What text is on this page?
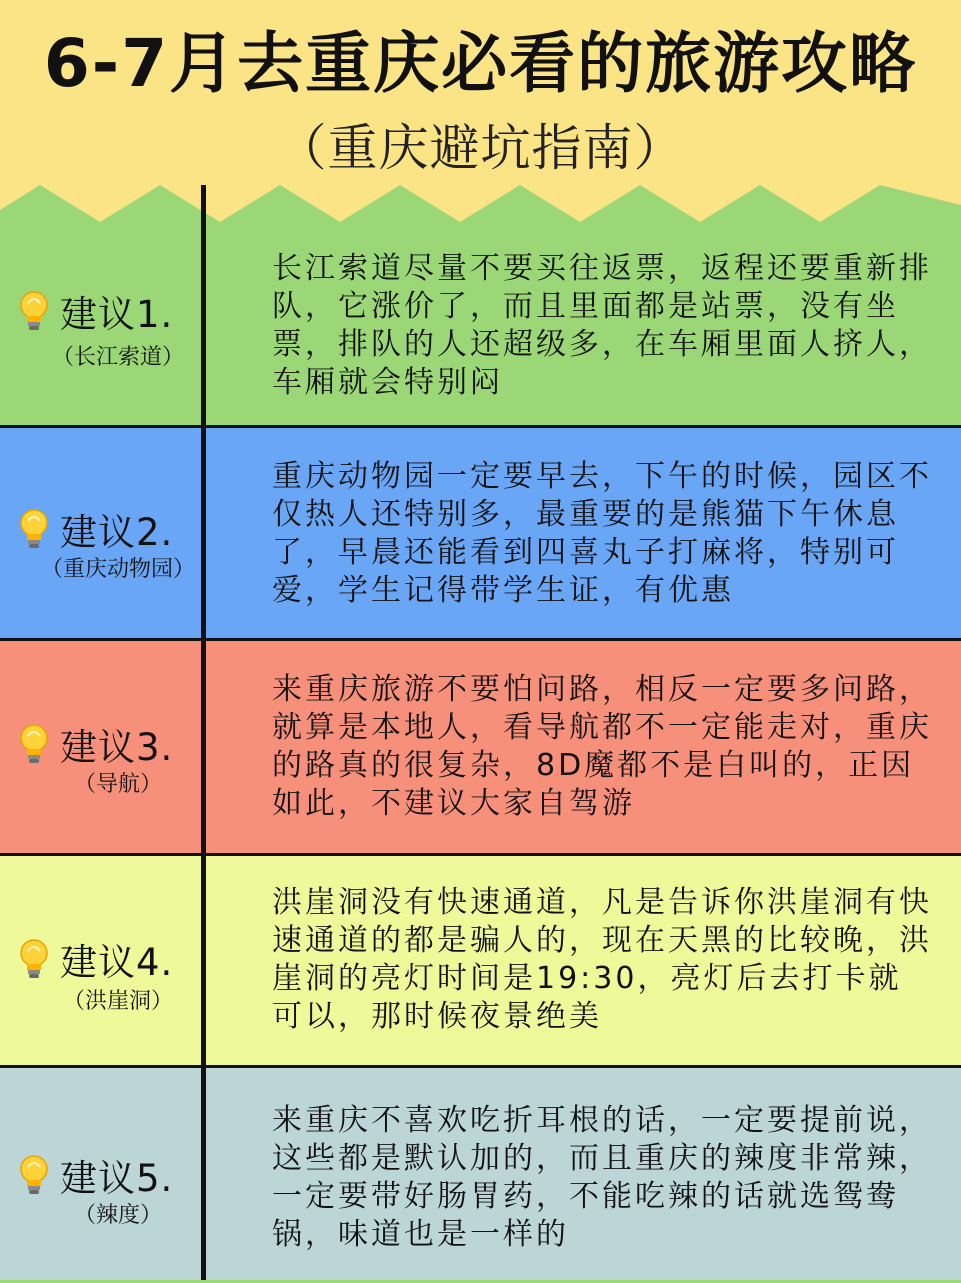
6-7月去重庆必看的旅游攻略
（重庆避坑指南）
建议1.
（长江索道）
长江索道尽量不要买往返票，返程还要重新排队，它涨价了，而且里面都是站票，没有坐票，排队的人还超级多，在车厢里面人挤人，车厢就会特别闷
建议2.
（重庆动物园）
重庆动物园一定要早去，下午的时候，园区不仅热人还特别多，最重要的是熊猫下午休息了，早晨还能看到四喜丸子打麻将，特别可爱，学生记得带学生证，有优惠
建议3.
（导航）
来重庆旅游不要怕问路，相反一定要多问路，就算是本地人，看导航都不一定能走对，重庆的路真的很复杂，8D魔都不是白叫的，正因如此，不建议大家自驾游
建议4.
（洪崖洞）
洪崖洞没有快速通道，凡是告诉你洪崖洞有快速通道的都是骗人的，现在天黑的比较晚，洪崖洞的亮灯时间是19:30，亮灯后去打卡就可以，那时候夜景绝美
建议5.
（辣度）
来重庆不喜欢吃折耳根的话，一定要提前说，这些都是默认加的，而且重庆的辣度非常辣，一定要带好肠胃药，不能吃辣的话就选鸳鸯锅，味道也是一样的
